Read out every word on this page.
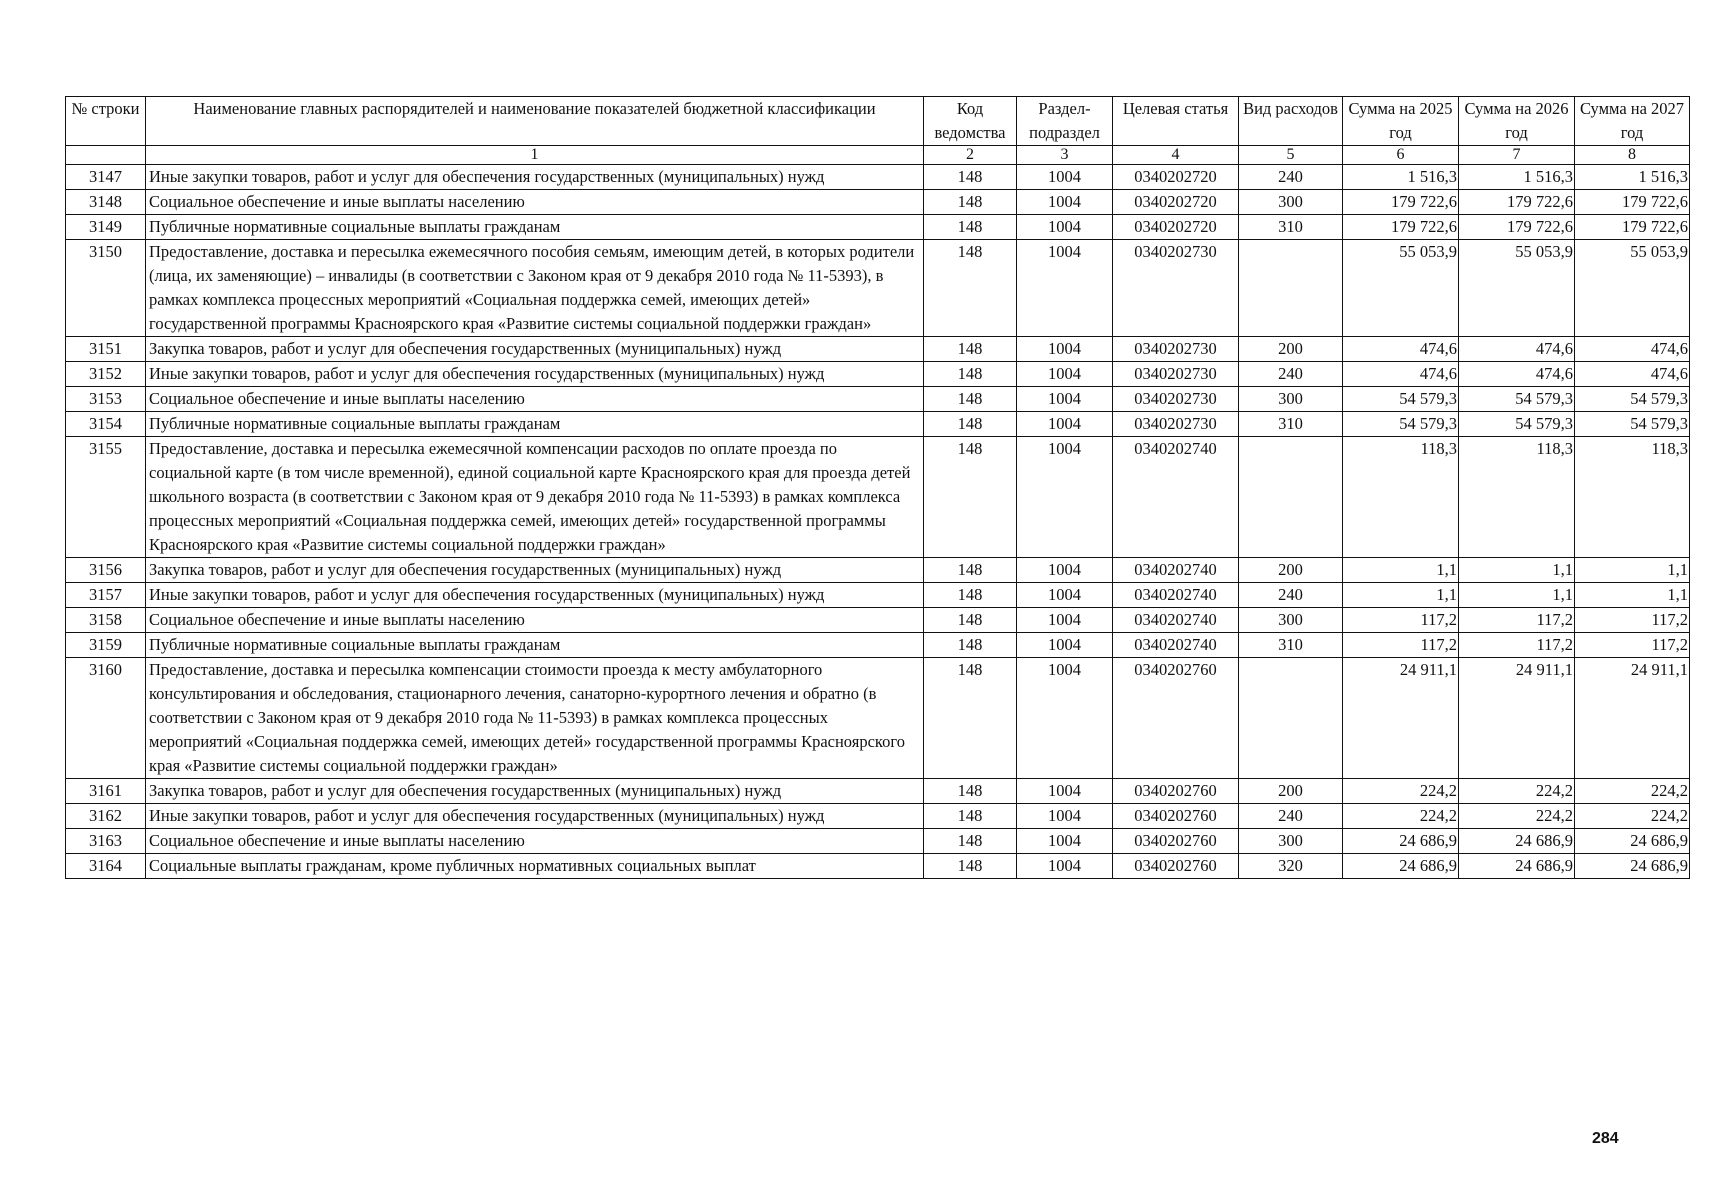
№ строки	Наименование главных распорядителей и наименование показателей бюджетной классификации	Код ведомства	Раздел-подраздел	Целевая статья	Вид расходов	Сумма на 2025 год	Сумма на 2026 год	Сумма на 2027 год
	1	2	3	4	5	6	7	8
3147	Иные закупки товаров, работ и услуг для обеспечения государственных (муниципальных) нужд	148	1004	0340202720	240	1 516,3	1 516,3	1 516,3
3148	Социальное обеспечение и иные выплаты населению	148	1004	0340202720	300	179 722,6	179 722,6	179 722,6
3149	Публичные нормативные социальные выплаты гражданам	148	1004	0340202720	310	179 722,6	179 722,6	179 722,6
3150	Предоставление, доставка и пересылка ежемесячного пособия семьям, имеющим детей, в которых родители (лица, их заменяющие) – инвалиды (в соответствии с Законом края от 9 декабря 2010 года № 11-5393), в рамках комплекса процессных мероприятий «Социальная поддержка семей, имеющих детей» государственной программы Красноярского края «Развитие системы социальной поддержки граждан»	148	1004	0340202730		55 053,9	55 053,9	55 053,9
3151	Закупка товаров, работ и услуг для обеспечения государственных (муниципальных) нужд	148	1004	0340202730	200	474,6	474,6	474,6
3152	Иные закупки товаров, работ и услуг для обеспечения государственных (муниципальных) нужд	148	1004	0340202730	240	474,6	474,6	474,6
3153	Социальное обеспечение и иные выплаты населению	148	1004	0340202730	300	54 579,3	54 579,3	54 579,3
3154	Публичные нормативные социальные выплаты гражданам	148	1004	0340202730	310	54 579,3	54 579,3	54 579,3
3155	Предоставление, доставка и пересылка ежемесячной компенсации расходов по оплате проезда по социальной карте (в том числе временной), единой социальной карте Красноярского края для проезда детей школьного возраста (в соответствии с Законом края от 9 декабря 2010 года № 11-5393) в рамках комплекса процессных мероприятий «Социальная поддержка семей, имеющих детей» государственной программы Красноярского края «Развитие системы социальной поддержки граждан»	148	1004	0340202740		118,3	118,3	118,3
3156	Закупка товаров, работ и услуг для обеспечения государственных (муниципальных) нужд	148	1004	0340202740	200	1,1	1,1	1,1
3157	Иные закупки товаров, работ и услуг для обеспечения государственных (муниципальных) нужд	148	1004	0340202740	240	1,1	1,1	1,1
3158	Социальное обеспечение и иные выплаты населению	148	1004	0340202740	300	117,2	117,2	117,2
3159	Публичные нормативные социальные выплаты гражданам	148	1004	0340202740	310	117,2	117,2	117,2
3160	Предоставление, доставка и пересылка компенсации стоимости проезда к месту амбулаторного консультирования и обследования, стационарного лечения, санаторно-курортного лечения и обратно (в соответствии с Законом края от 9 декабря 2010 года № 11-5393) в рамках комплекса процессных мероприятий «Социальная поддержка семей, имеющих детей» государственной программы Красноярского края «Развитие системы социальной поддержки граждан»	148	1004	0340202760		24 911,1	24 911,1	24 911,1
3161	Закупка товаров, работ и услуг для обеспечения государственных (муниципальных) нужд	148	1004	0340202760	200	224,2	224,2	224,2
3162	Иные закупки товаров, работ и услуг для обеспечения государственных (муниципальных) нужд	148	1004	0340202760	240	224,2	224,2	224,2
3163	Социальное обеспечение и иные выплаты населению	148	1004	0340202760	300	24 686,9	24 686,9	24 686,9
3164	Социальные выплаты гражданам, кроме публичных нормативных социальных выплат	148	1004	0340202760	320	24 686,9	24 686,9	24 686,9
284
